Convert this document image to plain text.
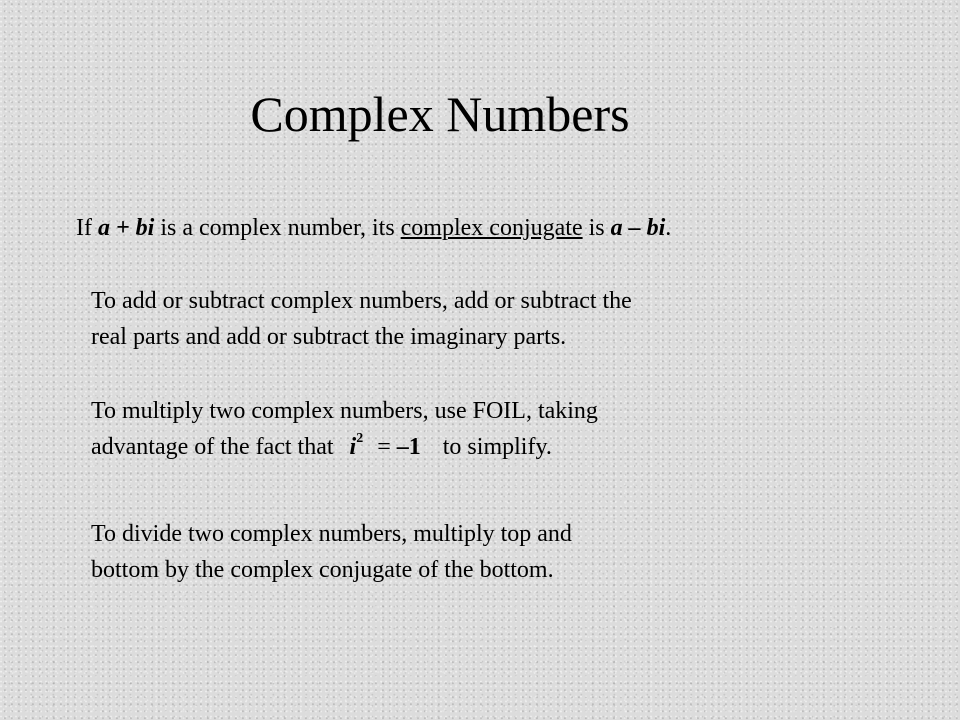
Complex Numbers

If a + bi is a complex number, its complex conjugate is a – bi.

To add or subtract complex numbers, add or subtract the
real parts and add or subtract the imaginary parts.
To multiply two complex numbers, use FOIL, taking
advantage of the fact that $i^2 = -1$ to simplify.
To divide two complex numbers, multiply top and
bottom by the complex conjugate of the bottom.
